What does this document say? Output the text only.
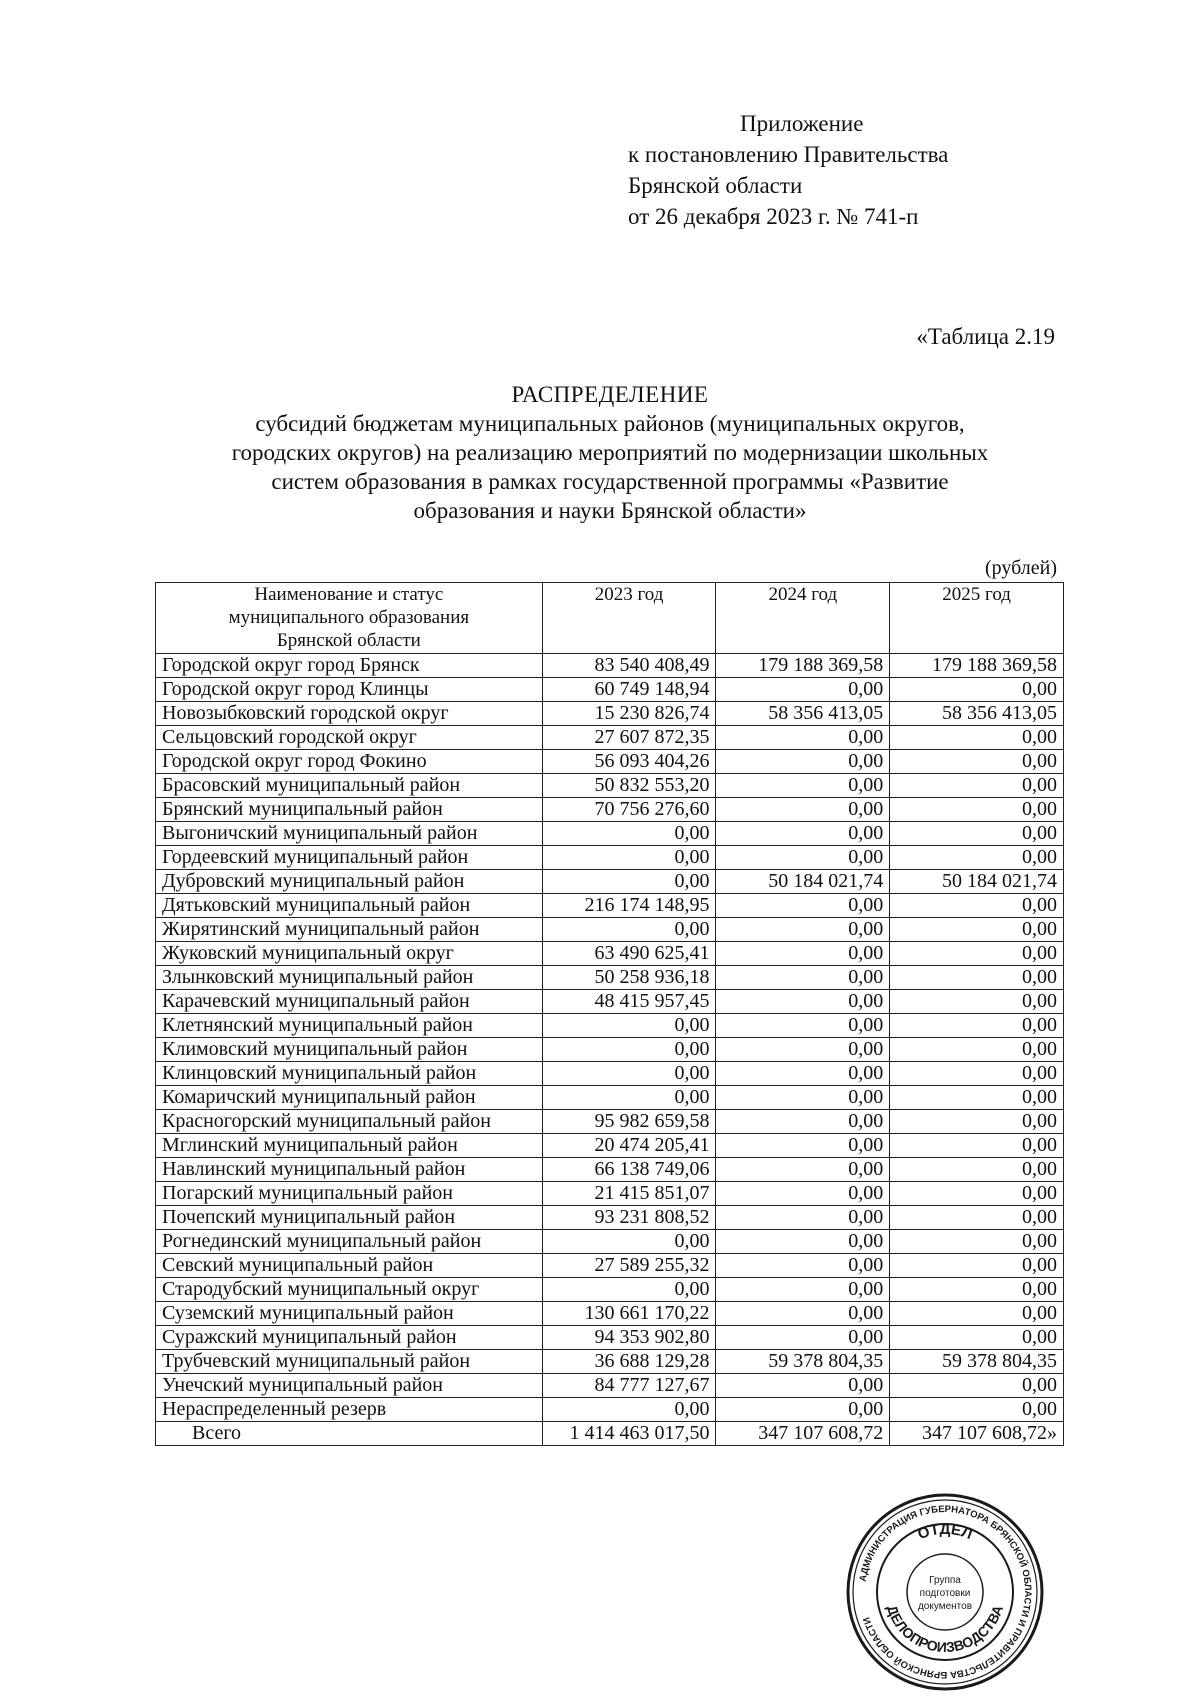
Приложение
к постановлению Правительства
Брянской области
от 26 декабря 2023 г. № 741-п
«Таблица 2.19
РАСПРЕДЕЛЕНИЕ
субсидий бюджетам муниципальных районов (муниципальных округов,
городских округов) на реализацию мероприятий по модернизации школьных
систем образования в рамках государственной программы «Развитие
образования и науки Брянской области»
(рублей)
Наименование и статус
муниципального образования
Брянской области	2023 год	2024 год	2025 год
Городской округ город Брянск	83 540 408,49	179 188 369,58	179 188 369,58
Городской округ город Клинцы	60 749 148,94	0,00	0,00
Новозыбковский городской округ	15 230 826,74	58 356 413,05	58 356 413,05
Сельцовский городской округ	27 607 872,35	0,00	0,00
Городской округ город Фокино	56 093 404,26	0,00	0,00
Брасовский муниципальный район	50 832 553,20	0,00	0,00
Брянский муниципальный район	70 756 276,60	0,00	0,00
Выгоничский муниципальный район	0,00	0,00	0,00
Гордеевский муниципальный район	0,00	0,00	0,00
Дубровский муниципальный район	0,00	50 184 021,74	50 184 021,74
Дятьковский муниципальный район	216 174 148,95	0,00	0,00
Жирятинский муниципальный район	0,00	0,00	0,00
Жуковский муниципальный округ	63 490 625,41	0,00	0,00
Злынковский муниципальный район	50 258 936,18	0,00	0,00
Карачевский муниципальный район	48 415 957,45	0,00	0,00
Клетнянский муниципальный район	0,00	0,00	0,00
Климовский муниципальный район	0,00	0,00	0,00
Клинцовский муниципальный район	0,00	0,00	0,00
Комаричский муниципальный район	0,00	0,00	0,00
Красногорский муниципальный район	95 982 659,58	0,00	0,00
Мглинский муниципальный район	20 474 205,41	0,00	0,00
Навлинский муниципальный район	66 138 749,06	0,00	0,00
Погарский муниципальный район	21 415 851,07	0,00	0,00
Почепский муниципальный район	93 231 808,52	0,00	0,00
Рогнединский муниципальный район	0,00	0,00	0,00
Севский муниципальный район	27 589 255,32	0,00	0,00
Стародубский муниципальный округ	0,00	0,00	0,00
Суземский муниципальный район	130 661 170,22	0,00	0,00
Суражский муниципальный район	94 353 902,80	0,00	0,00
Трубчевский муниципальный район	36 688 129,28	59 378 804,35	59 378 804,35
Унечский муниципальный район	84 777 127,67	0,00	0,00
Нераспределенный резерв	0,00	0,00	0,00
Всего	1 414 463 017,50	347 107 608,72	347 107 608,72»
АДМИНИСТРАЦИЯ ГУБЕРНАТОРА БРЯНСКОЙ ОБЛАСТИ И ПРАВИТЕЛЬСТВА БРЯНСКОЙ ОБЛАСТИ
ОТДЕЛ
ДЕЛОПРОИЗВОДСТВА
Группа
подготовки
документов
